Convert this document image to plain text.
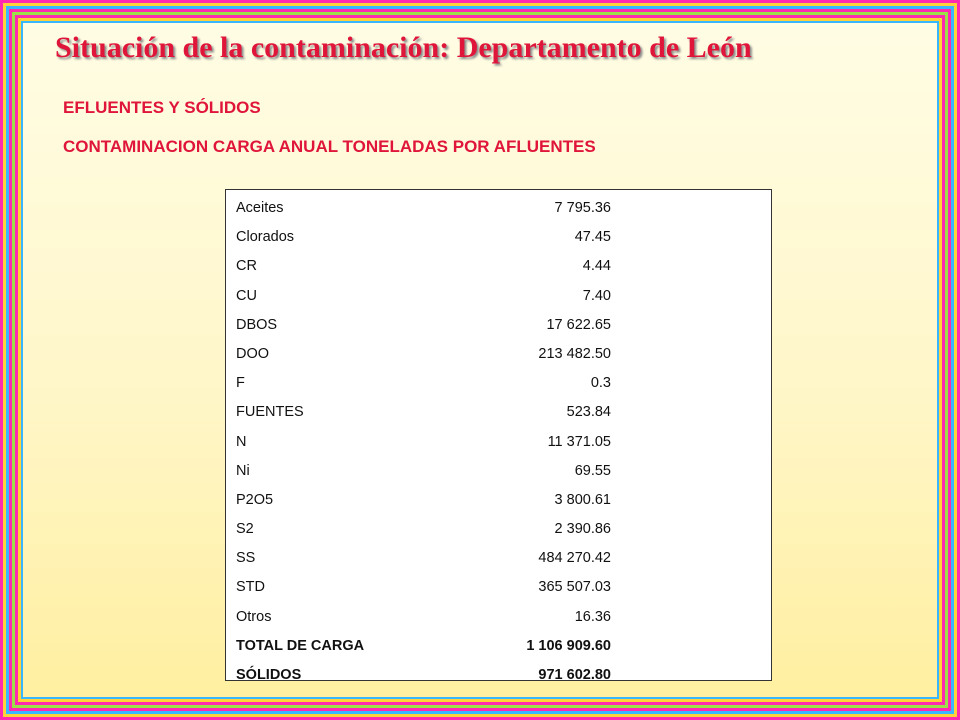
Situación de la contaminación: Departamento de León

EFLUENTES Y SÓLIDOS

CONTAMINACION CARGA ANUAL TONELADAS POR AFLUENTES

Aceites	7 795.36
Clorados	47.45
CR	4.44
CU	7.40
DBOS	17 622.65
DOO	213 482.50
F	0.3
FUENTES	523.84
N	11 371.05
Ni	69.55
P2O5	3 800.61
S2	2 390.86
SS	484 270.42
STD	365 507.03
Otros	16.36
TOTAL DE CARGA	1 106 909.60
SÓLIDOS	971 602.80
